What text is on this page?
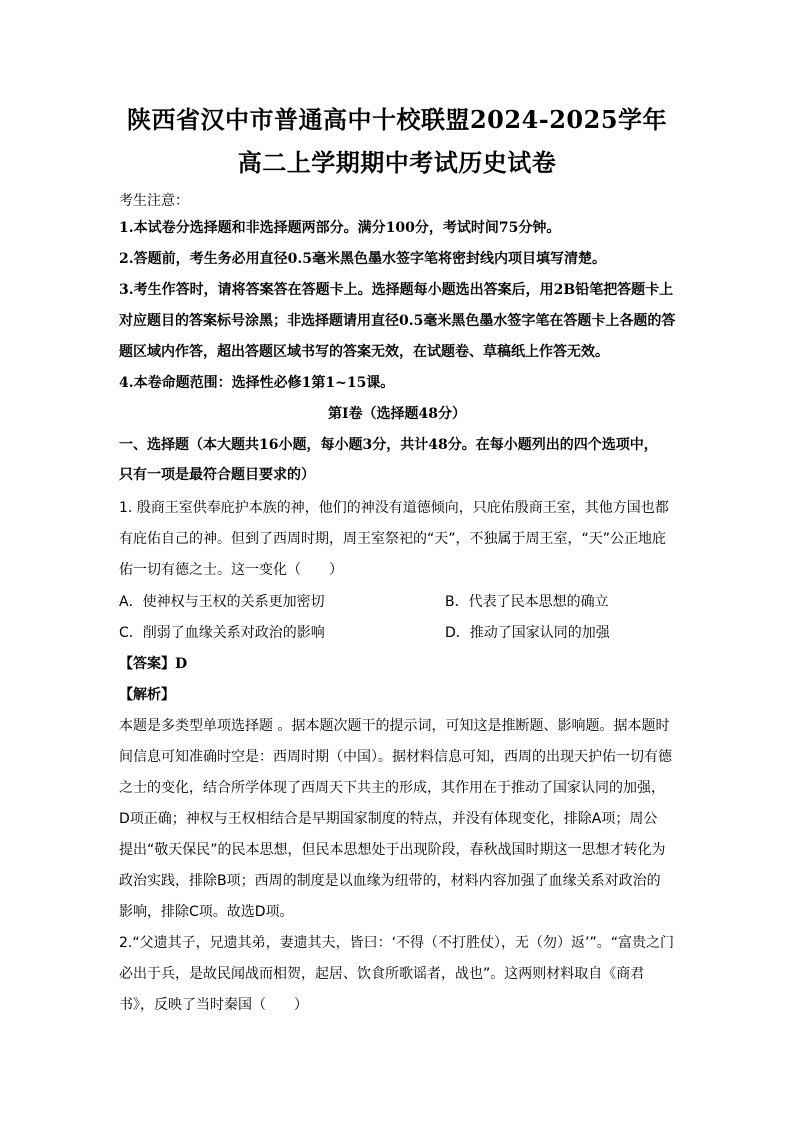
陕西省汉中市普通高中十校联盟2024-2025学年
高二上学期期中考试历史试卷
考生注意：
1.本试卷分选择题和非选择题两部分。满分100分，考试时间75分钟。
2.答题前，考生务必用直径0.5毫米黑色墨水签字笔将密封线内项目填写清楚。
3.考生作答时，请将答案答在答题卡上。选择题每小题选出答案后，用2B铅笔把答题卡上
对应题目的答案标号涂黑；非选择题请用直径0.5毫米黑色墨水签字笔在答题卡上各题的答
题区域内作答，超出答题区域书写的答案无效，在试题卷、草稿纸上作答无效。
4.本卷命题范围：选择性必修1第1~15课。
第Ⅰ卷（选择题48分）
一、选择题（本大题共16小题，每小题3分，共计48分。在每小题列出的四个选项中，
只有一项是最符合题目要求的）
1. 殷商王室供奉庇护本族的神，他们的神没有道德倾向，只庇佑殷商王室，其他方国也都
有庇佑自己的神。但到了西周时期，周王室祭祀的“天”，不独属于周王室，“天”公正地庇
佑一切有德之士。这一变化（　　）
A．使神权与王权的关系更加密切	B．代表了民本思想的确立
C．削弱了血缘关系对政治的影响	D．推动了国家认同的加强
【答案】D
【解析】
本题是多类型单项选择题 。据本题次题干的提示词，可知这是推断题、影响题。据本题时
间信息可知准确时空是：西周时期（中国）。据材料信息可知，西周的出现天护佑一切有德
之士的变化，结合所学体现了西周天下共主的形成，其作用在于推动了国家认同的加强，
D项正确；神权与王权相结合是早期国家制度的特点，并没有体现变化，排除A项；周公
提出“敬天保民”的民本思想，但民本思想处于出现阶段，春秋战国时期这一思想才转化为
政治实践，排除B项；西周的制度是以血缘为纽带的，材料内容加强了血缘关系对政治的
影响，排除C项。故选D项。
2.“父遗其子，兄遗其弟，妻遗其夫，皆曰：‘不得（不打胜仗），无（勿）返’”。“富贵之门
必出于兵，是故民闻战而相贺，起居、饮食所歌谣者，战也”。这两则材料取自《商君
书》，反映了当时秦国（　　）
